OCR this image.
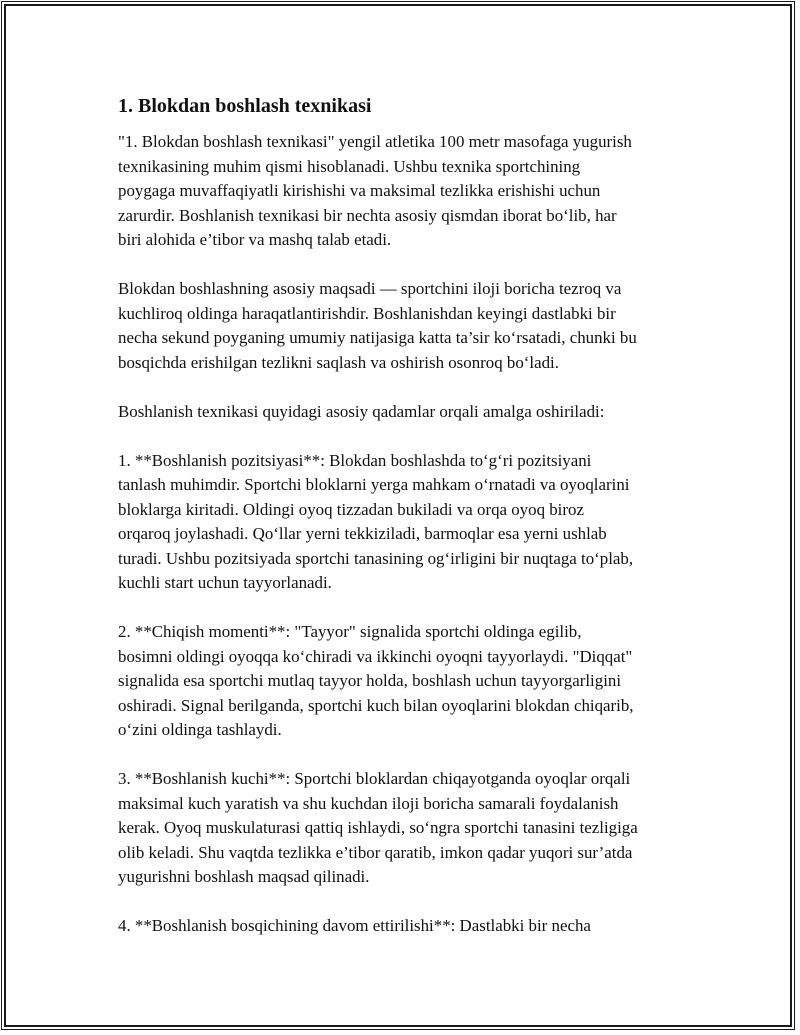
1. Blokdan boshlash texnikasi

"1. Blokdan boshlash texnikasi" yengil atletika 100 metr masofaga yugurish
texnikasining muhim qismi hisoblanadi. Ushbu texnika sportchining
poygaga muvaffaqiyatli kirishishi va maksimal tezlikka erishishi uchun
zarurdir. Boshlanish texnikasi bir nechta asosiy qismdan iborat bo‘lib, har
biri alohida e’tibor va mashq talab etadi.

Blokdan boshlashning asosiy maqsadi — sportchini iloji boricha tezroq va
kuchliroq oldinga haraqatlantirishdir. Boshlanishdan keyingi dastlabki bir
necha sekund poyganing umumiy natijasiga katta ta’sir ko‘rsatadi, chunki bu
bosqichda erishilgan tezlikni saqlash va oshirish osonroq bo‘ladi.

Boshlanish texnikasi quyidagi asosiy qadamlar orqali amalga oshiriladi:

1. **Boshlanish pozitsiyasi**: Blokdan boshlashda to‘g‘ri pozitsiyani
tanlash muhimdir. Sportchi bloklarni yerga mahkam o‘rnatadi va oyoqlarini
bloklarga kiritadi. Oldingi oyoq tizzadan bukiladi va orqa oyoq biroz
orqaroq joylashadi. Qo‘llar yerni tekkiziladi, barmoqlar esa yerni ushlab
turadi. Ushbu pozitsiyada sportchi tanasining og‘irligini bir nuqtaga to‘plab,
kuchli start uchun tayyorlanadi.

2. **Chiqish momenti**: "Tayyor" signalida sportchi oldinga egilib,
bosimni oldingi oyoqqa ko‘chiradi va ikkinchi oyoqni tayyorlaydi. "Diqqat"
signalida esa sportchi mutlaq tayyor holda, boshlash uchun tayyorgarligini
oshiradi. Signal berilganda, sportchi kuch bilan oyoqlarini blokdan chiqarib,
o‘zini oldinga tashlaydi.

3. **Boshlanish kuchi**: Sportchi bloklardan chiqayotganda oyoqlar orqali
maksimal kuch yaratish va shu kuchdan iloji boricha samarali foydalanish
kerak. Oyoq muskulaturasi qattiq ishlaydi, so‘ngra sportchi tanasini tezligiga
olib keladi. Shu vaqtda tezlikka e’tibor qaratib, imkon qadar yuqori sur’atda
yugurishni boshlash maqsad qilinadi.

4. **Boshlanish bosqichining davom ettirilishi**: Dastlabki bir necha
